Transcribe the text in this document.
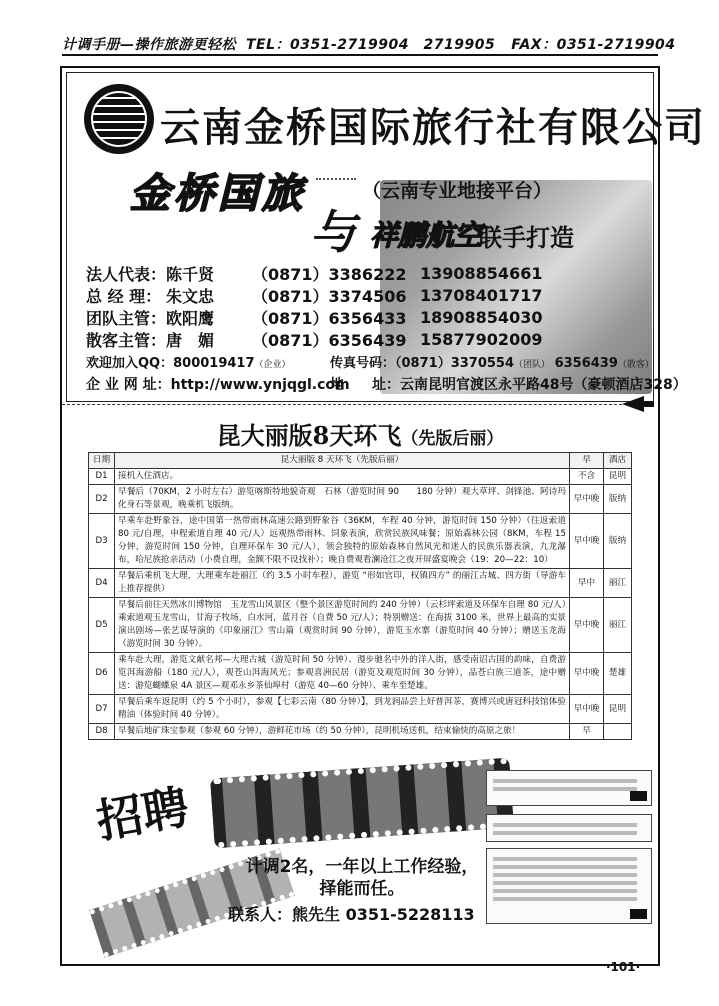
计调手册—操作旅游更轻松 TEL：0351-2719904　2719905 FAX：0351-2719904
云南金桥国际旅行社有限公司
金桥国旅	（云南专业地接平台）
与 祥鹏航空
联手打造
法人代表： 陈千贤	（0871）3386222 13908854661
总 经 理： 朱文忠	（0871）3374506 13708401717
团队主管： 欧阳鹰	（0871）6356433 18908854030
散客主管： 唐　媚	（0871）6356439 15877902009
欢迎加入QQ：800019417（企业）	传真号码：（0871）3370554（团队） 6356439（散客）
企 业 网 址：http://www.ynjqgl.com
地　　址：云南昆明官渡区永平路48号（豪顿酒店328）
昆大丽版8天环飞（先版后丽）
日期	昆大丽版 8 天环飞（先版后丽）	早	酒店
D1	接机入住酒店。	不含	昆明
D2	早餐后（70KM，2 小时左右）游览喀斯特地貌奇观　石林（游览时间 90　　180 分钟）观大草坪、剑锋池、阿诗玛化身石等景观，晚乘机飞版纳。	早中晚	版纳
D3	早乘车赴野象谷，途中国第一热带雨林高速公路到野象谷（36KM，车程 40 分钟，游览时间 150 分钟）（往返索道 80 元/自理，申程索道自理 40 元/人）远观热带雨林、饲象表演，欣赏民族风味餐；原始森林公园（8KM，车程 15 分钟，游览时间 150 分钟，自理环保车 30 元/人），领会独特的原始森林自然风光和迷人的民族乐器表演，九龙瀑布，哈尼族抢亲活动（小费自理，金额不限不设找补）；晚自费观看澜沧江之夜开屏盛宴晚会（19：20—22：10）	早中晚	版纳
D4	早餐后乘机飞大理，大理乘车赴丽江（约 3.5 小时车程），游览 “形如官印，权镇四方” 的丽江古城、四方街（导游车上推荐提供）	早中	丽江
D5	早餐后前往天然冰川博物馆　玉龙雪山风景区（整个景区游览时间约 240 分钟）（云杉坪索道及环保车自理 80 元/人）乘索道观玉龙雪山，甘海子牧场，白水河，蓝月谷（自费 50 元/人）；特别赠送：在海拔 3100 米，世界上最高的实景演出剧场—张艺谋导演的《印象丽江》雪山篇（观赏时间 90 分钟），游览玉水寨（游览时间 40 分钟）；赠送玉龙海（游览时间 30 分钟）。	早中晚	丽江
D6	乘车赴大理，游览文献名邦—大理古城（游览时间 50 分钟）、漫步驰名中外的洋人街，感受南诏古国的韵味，自费游览洱海游船（180 元/人），观苍山洱海风光；参观喜洲民居（游览及观览时间 30 分钟），品苍白族三道茶，途中赠送：游览蝴蝶泉 4A 景区—观邓永乡茶仙埠村（游览 40—60 分钟）、乘车至楚雄。	早中晚	楚雄
D7	早餐后乘车返昆明（约 5 个小时），参观【七彩云南（80 分钟）】，到龙润品尝上好普洱茶，赛博兴或唐冠科技馆体验精油（体验时间 40 分钟）。	早中晚	昆明
D8	早餐后地矿珠宝参观（参观 60 分钟），游鲜花市场（约 50 分钟），昆明机场送机，结束愉快的高原之旅！	早	
招聘
计调2名，一年以上工作经验，
择能而任。
联系人：熊先生 0351-5228113

·101·
